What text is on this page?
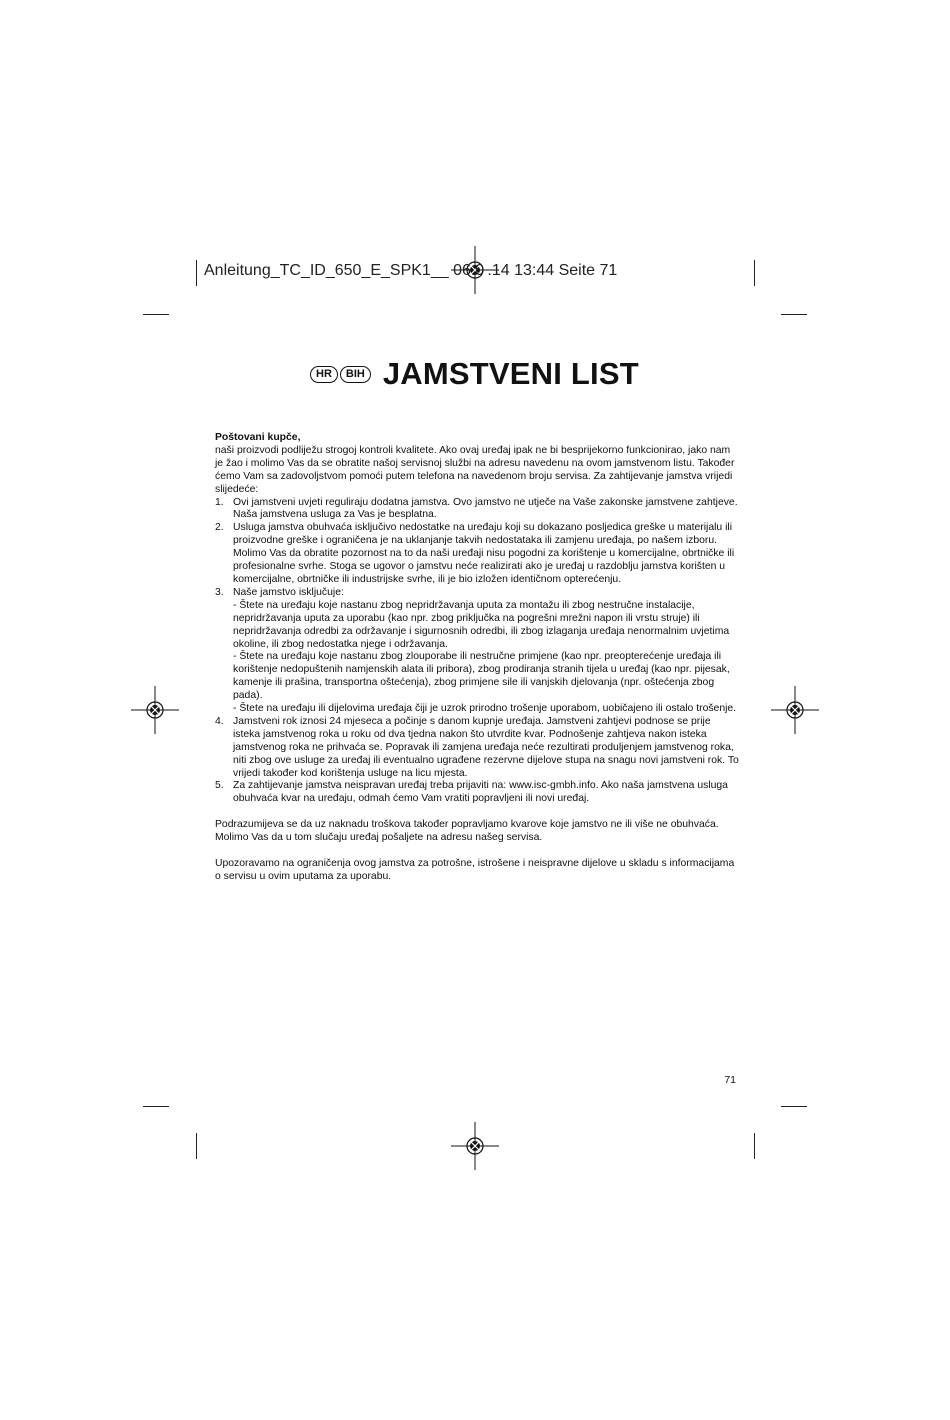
Anleitung_TC_ID_650_E_SPK1__ 06.0 .14 13:44 Seite 71
HR	BIH JAMSTVENI LIST

Poštovani kupče,

naši proizvodi podliježu strogoj kontroli kvalitete. Ako ovaj uređaj ipak ne bi besprijekorno funkcionirao, jako nam je žao i molimo Vas da se obratite našoj servisnoj službi na adresu navedenu na ovom jamstvenom listu. Također ćemo Vam sa zadovoljstvom pomoći putem telefona na navedenom broju servisa. Za zahtijevanje jamstva vrijedi slijedeće:

1. Ovi jamstveni uvjeti reguliraju dodatna jamstva. Ovo jamstvo ne utječe na Vaše zakonske jamstvene zahtjeve. Naša jamstvena usluga za Vas je besplatna.
2. Usluga jamstva obuhvaća isključivo nedostatke na uređaju koji su dokazano posljedica greške u materijalu ili proizvodne greške i ograničena je na uklanjanje takvih nedostataka ili zamjenu uređaja, po našem izboru. Molimo Vas da obratite pozornost na to da naši uređaji nisu pogodni za korištenje u komercijalne, obrtničke ili profesionalne svrhe. Stoga se ugovor o jamstvu neće realizirati ako je uređaj u razdoblju jamstva korišten u komercijalne, obrtničke ili industrijske svrhe, ili je bio izložen identičnom opterećenju.
3. Naše jamstvo isključuje:
- Štete na uređaju koje nastanu zbog nepridržavanja uputa za montažu ili zbog nestručne instalacije, nepridržavanja uputa za uporabu (kao npr. zbog priključka na pogrešni mrežni napon ili vrstu struje) ili nepridržavanja odredbi za održavanje i sigurnosnih odredbi, ili zbog izlaganja uređaja nenormalnim uvjetima okoline, ili zbog nedostatka njege i održavanja.
- Štete na uređaju koje nastanu zbog zlouporabe ili nestručne primjene (kao npr. preopterećenje uređaja ili korištenje nedopuštenih namjenskih alata ili pribora), zbog prodiranja stranih tijela u uređaj (kao npr. pijesak, kamenje ili prašina, transportna oštećenja), zbog primjene sile ili vanjskih djelovanja (npr. oštećenja zbog pada).
- Štete na uređaju ili dijelovima uređaja čiji je uzrok prirodno trošenje uporabom, uobičajeno ili ostalo trošenje.
4. Jamstveni rok iznosi 24 mjeseca a počinje s danom kupnje uređaja. Jamstveni zahtjevi podnose se prije isteka jamstvenog roka u roku od dva tjedna nakon što utvrdite kvar. Podnošenje zahtjeva nakon isteka jamstvenog roka ne prihvaća se. Popravak ili zamjena uređaja neće rezultirati produljenjem jamstvenog roka, niti zbog ove usluge za uređaj ili eventualno ugrađene rezervne dijelove stupa na snagu novi jamstveni rok. To vrijedi također kod korištenja usluge na licu mjesta.
5. Za zahtijevanje jamstva neispravan uređaj treba prijaviti na: www.isc-gmbh.info. Ako naša jamstvena usluga obuhvaća kvar na uređaju, odmah ćemo Vam vratiti popravljeni ili novi uređaj.

Podrazumijeva se da uz naknadu troškova također popravljamo kvarove koje jamstvo ne ili više ne obuhvaća. Molimo Vas da u tom slučaju uređaj pošaljete na adresu našeg servisa.

Upozoravamo na ograničenja ovog jamstva za potrošne, istrošene i neispravne dijelove u skladu s informacijama o servisu u ovim uputama za uporabu.

71
